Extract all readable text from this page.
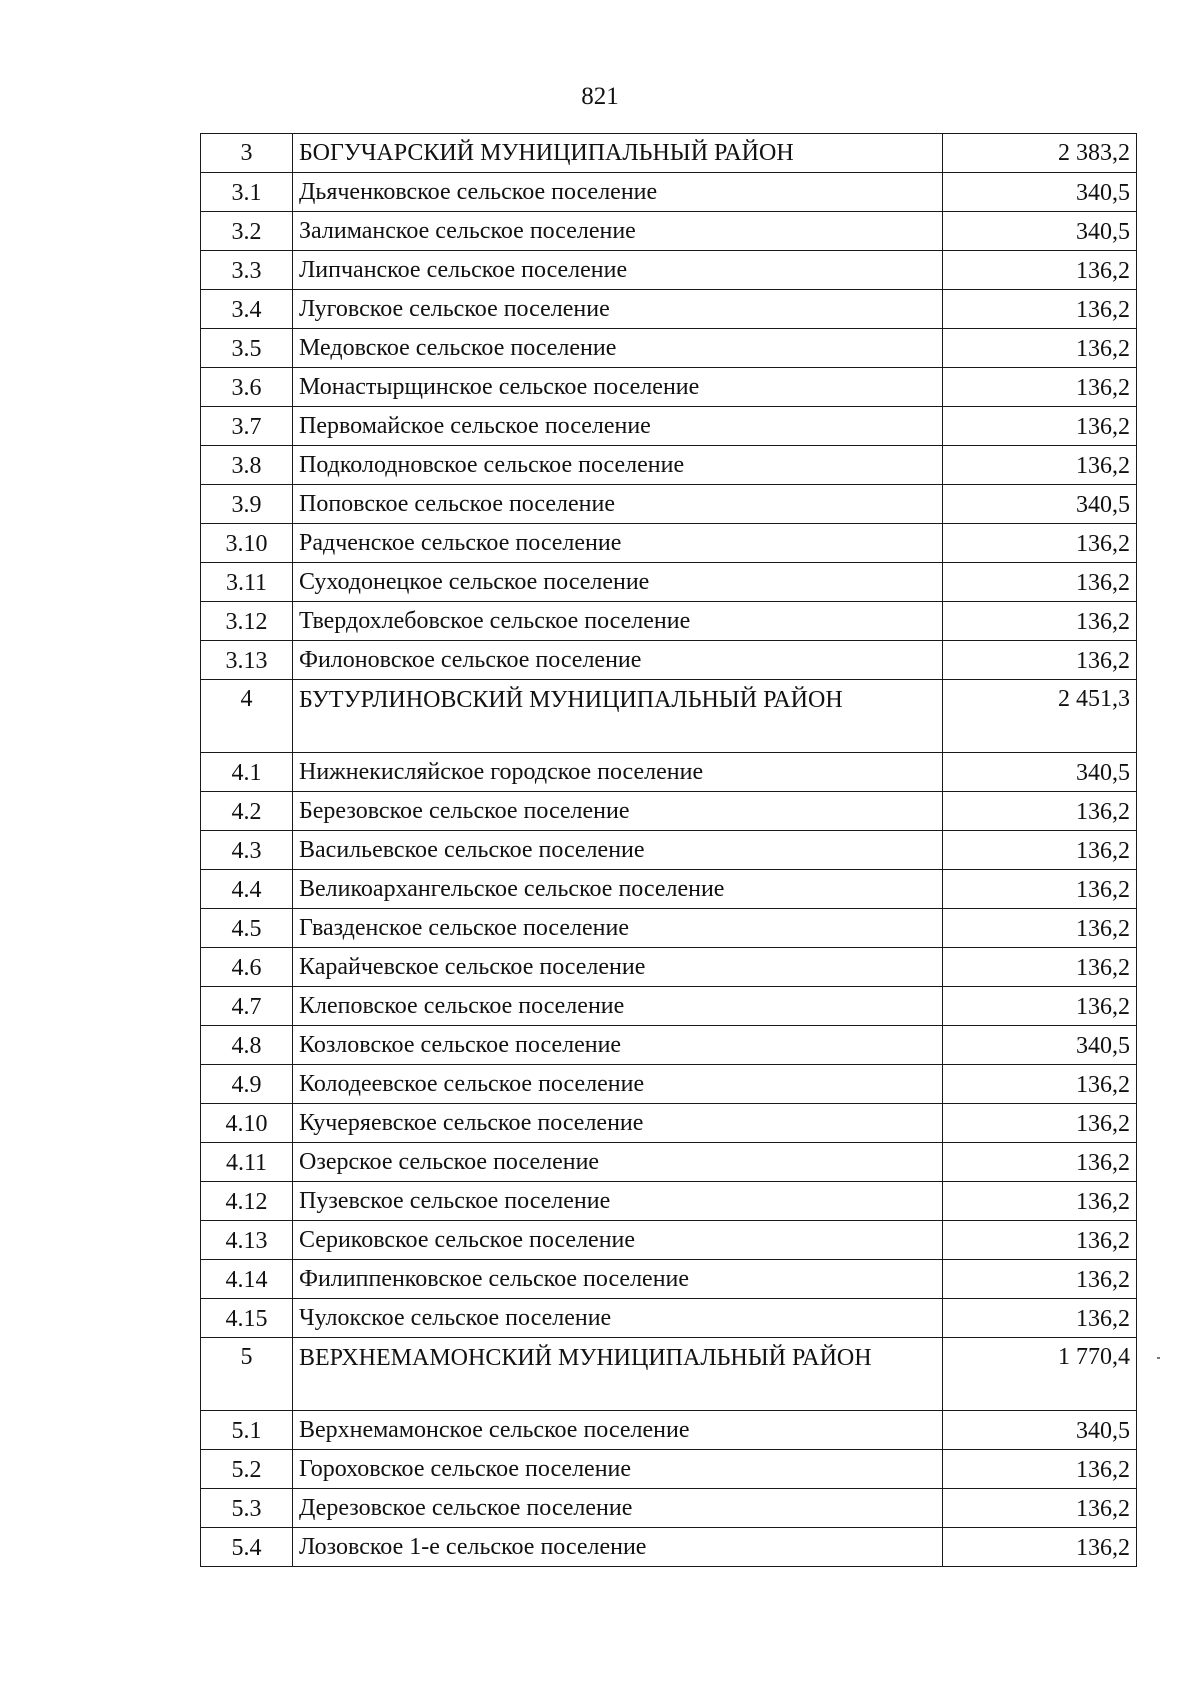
821
3	БОГУЧАРСКИЙ МУНИЦИПАЛЬНЫЙ РАЙОН	2 383,2
3.1	Дьяченковское сельское поселение	340,5
3.2	Залиманское сельское поселение	340,5
3.3	Липчанское сельское поселение	136,2
3.4	Луговское сельское поселение	136,2
3.5	Медовское сельское поселение	136,2
3.6	Монастырщинское сельское поселение	136,2
3.7	Первомайское сельское поселение	136,2
3.8	Подколодновское сельское поселение	136,2
3.9	Поповское сельское поселение	340,5
3.10	Радченское сельское поселение	136,2
3.11	Суходонецкое сельское поселение	136,2
3.12	Твердохлебовское сельское поселение	136,2
3.13	Филоновское сельское поселение	136,2
4	БУТУРЛИНОВСКИЙ МУНИЦИПАЛЬНЫЙ РАЙОН	2 451,3
4.1	Нижнекисляйское городское поселение	340,5
4.2	Березовское сельское поселение	136,2
4.3	Васильевское сельское поселение	136,2
4.4	Великоархангельское сельское поселение	136,2
4.5	Гвазденское сельское поселение	136,2
4.6	Карайчевское сельское поселение	136,2
4.7	Клеповское сельское поселение	136,2
4.8	Козловское сельское поселение	340,5
4.9	Колодеевское сельское поселение	136,2
4.10	Кучеряевское сельское поселение	136,2
4.11	Озерское сельское поселение	136,2
4.12	Пузевское сельское поселение	136,2
4.13	Сериковское сельское поселение	136,2
4.14	Филиппенковское сельское поселение	136,2
4.15	Чулокское сельское поселение	136,2
5	ВЕРХНЕМАМОНСКИЙ МУНИЦИПАЛЬНЫЙ РАЙОН	1 770,4
5.1	Верхнемамонское сельское поселение	340,5
5.2	Гороховское сельское поселение	136,2
5.3	Дерезовское сельское поселение	136,2
5.4	Лозовское 1-е сельское поселение	136,2
